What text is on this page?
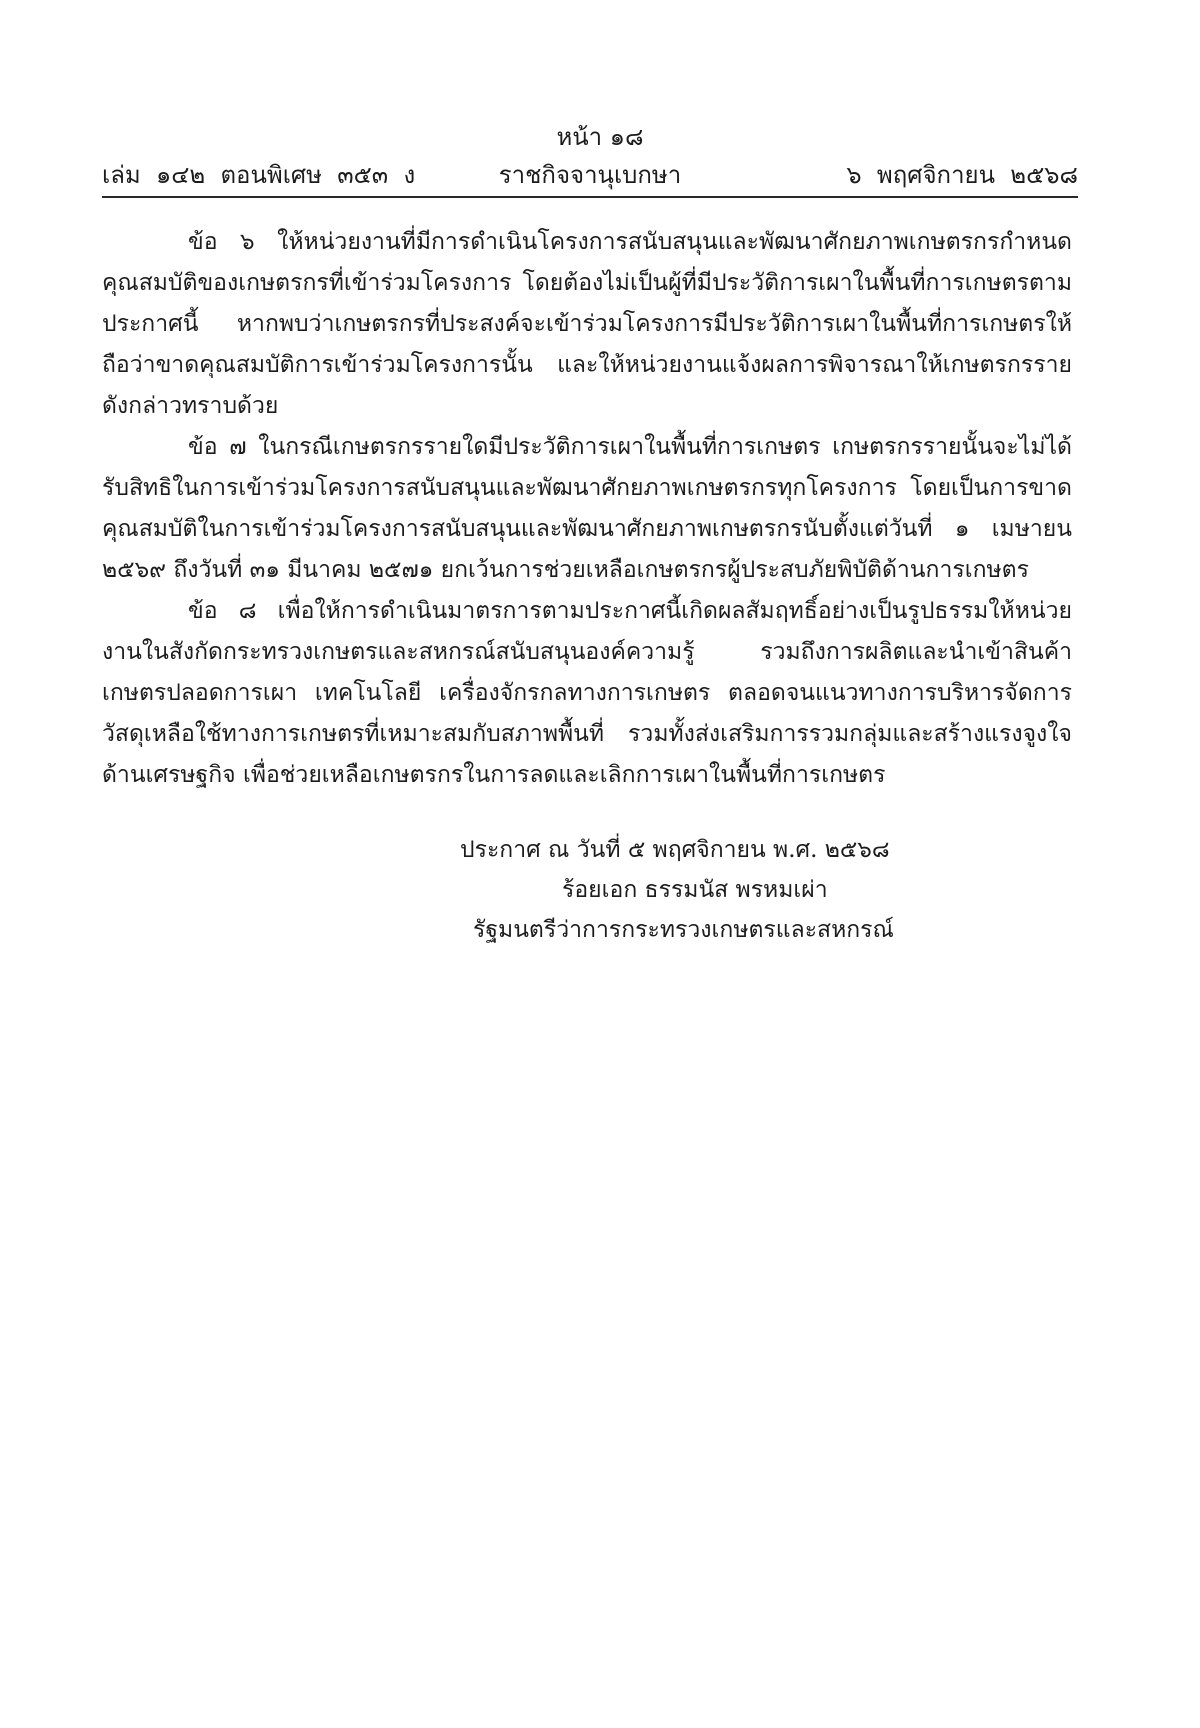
หน้า ๑๘
เล่ม  ๑๔๒  ตอนพิเศษ  ๓๕๓  ง	ราชกิจจานุเบกษา	๖  พฤศจิกายน  ๒๕๖๘

ข้อ ๖ ให้หน่วยงานที่มีการดำเนินโครงการสนับสนุนและพัฒนาศักยภาพเกษตรกรกำหนดคุณสมบัติของเกษตรกรที่เข้าร่วมโครงการ โดยต้องไม่เป็นผู้ที่มีประวัติการเผาในพื้นที่การเกษตรตามประกาศนี้ หากพบว่าเกษตรกรที่ประสงค์จะเข้าร่วมโครงการมีประวัติการเผาในพื้นที่การเกษตรให้ถือว่าขาดคุณสมบัติการเข้าร่วมโครงการนั้น และให้หน่วยงานแจ้งผลการพิจารณาให้เกษตรกรรายดังกล่าวทราบด้วย

ข้อ ๗ ในกรณีเกษตรกรรายใดมีประวัติการเผาในพื้นที่การเกษตร เกษตรกรรายนั้นจะไม่ได้รับสิทธิในการเข้าร่วมโครงการสนับสนุนและพัฒนาศักยภาพเกษตรกรทุกโครงการ โดยเป็นการขาดคุณสมบัติในการเข้าร่วมโครงการสนับสนุนและพัฒนาศักยภาพเกษตรกรนับตั้งแต่วันที่ ๑ เมษายน ๒๕๖๙ ถึงวันที่ ๓๑ มีนาคม ๒๕๗๑ ยกเว้นการช่วยเหลือเกษตรกรผู้ประสบภัยพิบัติด้านการเกษตร

ข้อ ๘ เพื่อให้การดำเนินมาตรการตามประกาศนี้เกิดผลสัมฤทธิ์อย่างเป็นรูปธรรมให้หน่วยงานในสังกัดกระทรวงเกษตรและสหกรณ์สนับสนุนองค์ความรู้ รวมถึงการผลิตและนำเข้าสินค้าเกษตรปลอดการเผา เทคโนโลยี เครื่องจักรกลทางการเกษตร ตลอดจนแนวทางการบริหารจัดการวัสดุเหลือใช้ทางการเกษตรที่เหมาะสมกับสภาพพื้นที่ รวมทั้งส่งเสริมการรวมกลุ่มและสร้างแรงจูงใจด้านเศรษฐกิจ เพื่อช่วยเหลือเกษตรกรในการลดและเลิกการเผาในพื้นที่การเกษตร

ประกาศ ณ วันที่ ๕ พฤศจิกายน พ.ศ. ๒๕๖๘
ร้อยเอก ธรรมนัส พรหมเผ่า
รัฐมนตรีว่าการกระทรวงเกษตรและสหกรณ์
